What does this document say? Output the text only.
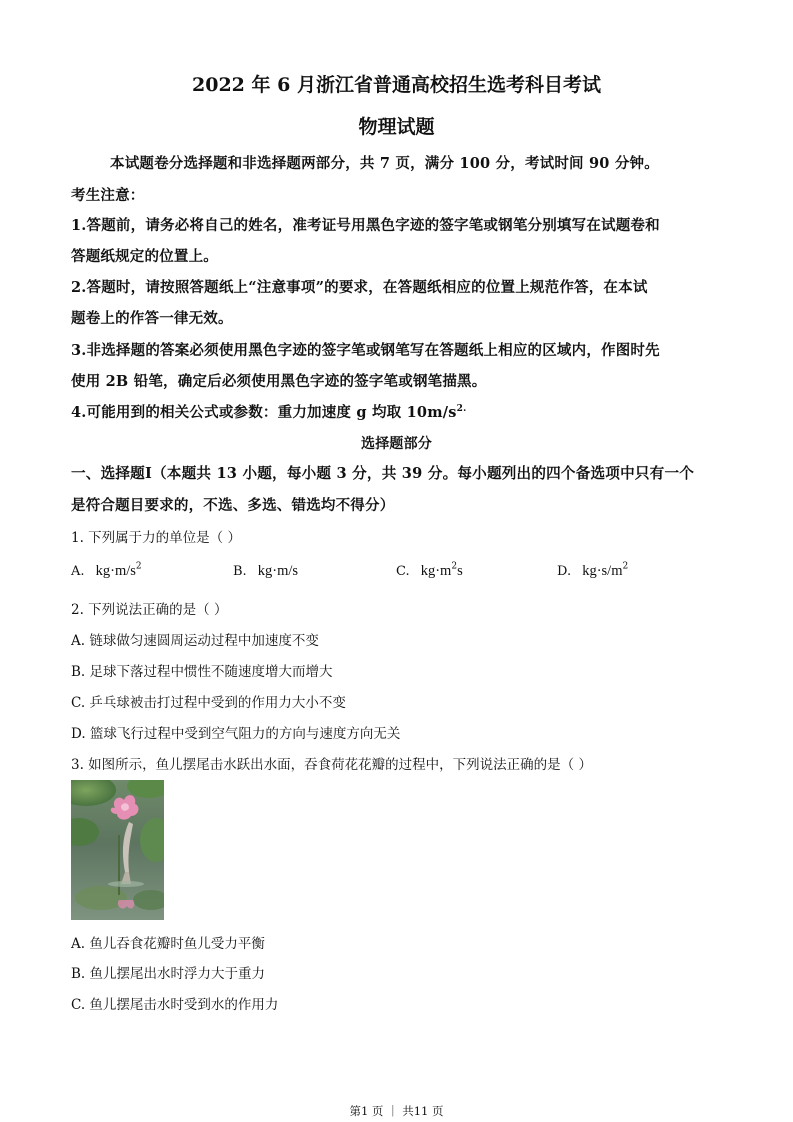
2022 年 6 月浙江省普通高校招生选考科目考试
物理试题
本试题卷分选择题和非选择题两部分，共 7 页，满分 100 分，考试时间 90 分钟。
考生注意：
1.答题前，请务必将自己的姓名，准考证号用黑色字迹的签字笔或钢笔分别填写在试题卷和
答题纸规定的位置上。
2.答题时，请按照答题纸上“注意事项”的要求，在答题纸相应的位置上规范作答，在本试
题卷上的作答一律无效。
3.非选择题的答案必须使用黑色字迹的签字笔或钢笔写在答题纸上相应的区域内，作图时先
使用 2B 铅笔，确定后必须使用黑色字迹的签字笔或钢笔描黑。
4.可能用到的相关公式或参数：重力加速度 g 均取 $10m/s^{2.}$
选择题部分
一、选择题Ⅰ（本题共 13 小题，每小题 3 分，共 39 分。每小题列出的四个备选项中只有一个
是符合题目要求的，不选、多选、错选均不得分）
1. 下列属于力的单位是（ ）
A. $kg\cdot m/s^2$	B. kg·m/s	C. $kg\cdot m^2s$	D. $kg\cdot s/m^2$
2. 下列说法正确的是（ ）
A. 链球做匀速圆周运动过程中加速度不变
B. 足球下落过程中惯性不随速度增大而增大
C. 乒乓球被击打过程中受到的作用力大小不变
D. 篮球飞行过程中受到空气阻力的方向与速度方向无关
3. 如图所示，鱼儿摆尾击水跃出水面，吞食荷花花瓣的过程中，下列说法正确的是（ ）
A. 鱼儿吞食花瓣时鱼儿受力平衡
B. 鱼儿摆尾出水时浮力大于重力
C. 鱼儿摆尾击水时受到水的作用力
第1 页 ｜ 共11 页
